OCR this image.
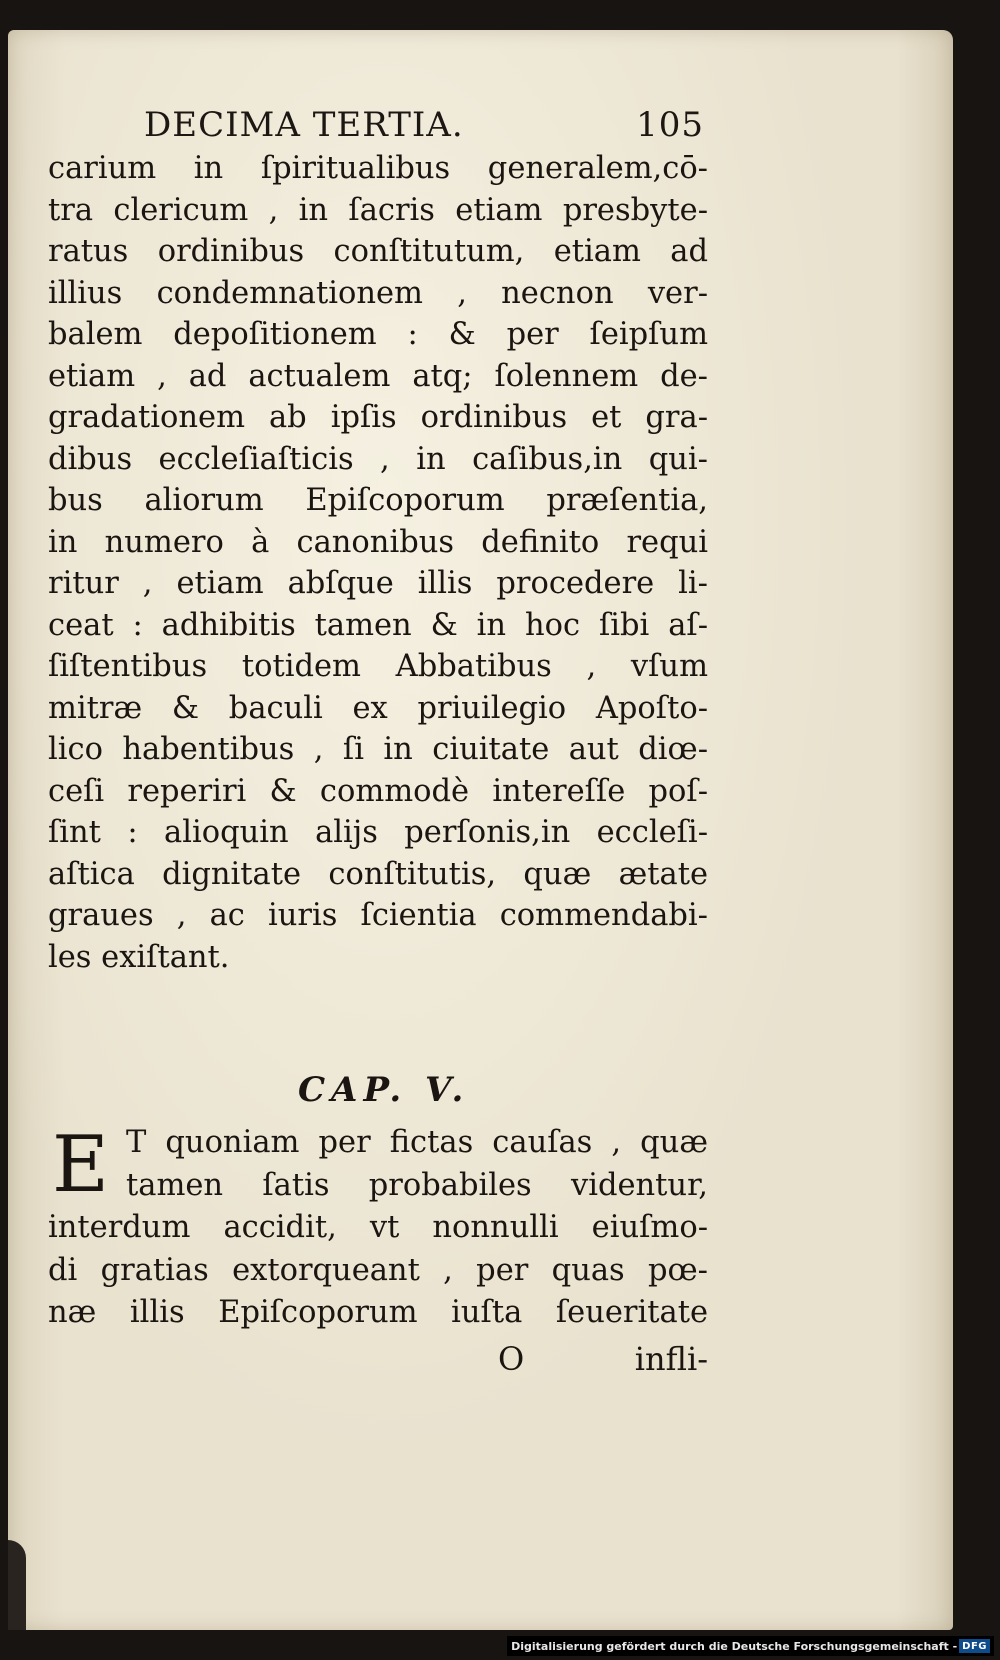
DECIMA TERTIA.	105
carium in ſpiritualibus generalem,cō-
tra clericum , in ſacris etiam presbyte-
ratus ordinibus conſtitutum, etiam ad
illius condemnationem , necnon ver-
balem depoſitionem : & per ſeipſum
etiam , ad actualem atq; ſolennem de-
gradationem ab ipſis ordinibus et gra-
dibus eccleſiaſticis , in caſibus,in qui-
bus aliorum Epiſcoporum præſentia,
in numero à canonibus definito requi
ritur , etiam abſque illis procedere li-
ceat : adhibitis tamen & in hoc ſibi aſ-
ſiſtentibus totidem Abbatibus , vſum
mitræ & baculi ex priuilegio Apoſto-
lico habentibus , ſi in ciuitate aut diœ-
ceſi reperiri & commodè intereſſe poſ-
ſint : alioquin alijs perſonis,in eccleſi-
aſtica dignitate conſtitutis, quæ ætate
graues , ac iuris ſcientia commendabi-
les exiſtant.
CAP. V.
E T quoniam per fictas cauſas , quæ
tamen ſatis probabiles videntur,
interdum accidit, vt nonnulli eiuſmo-
di gratias extorqueant , per quas pœ-
næ illis Epiſcoporum iuſta ſeueritate
O	infli-
Digitalisierung gefördert durch die Deutsche Forschungsgemeinschaft - DFG
